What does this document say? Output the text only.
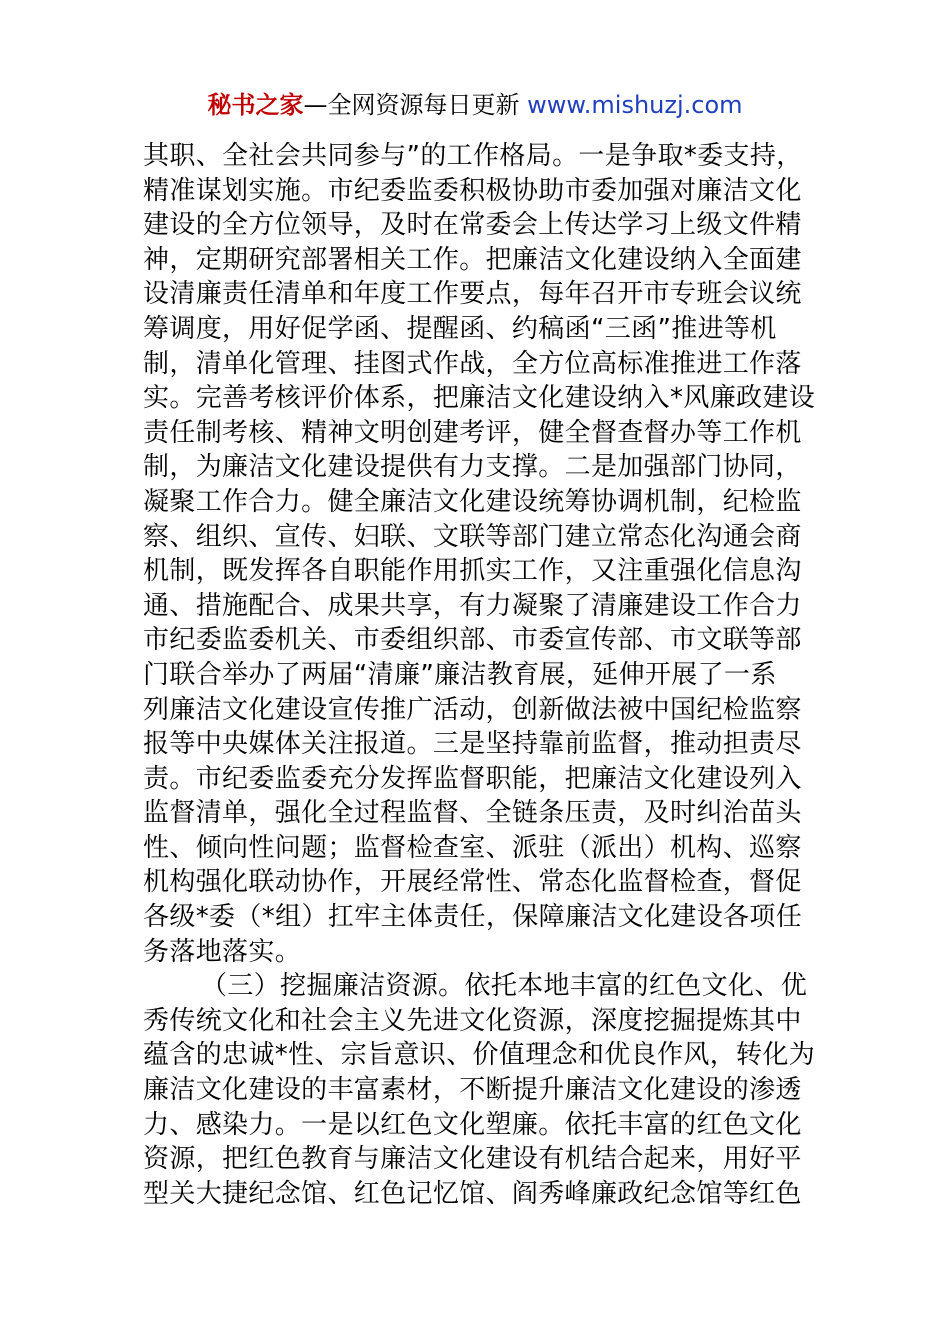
秘书之家—全网资源每日更新 www.mishuzj.com
其职、全社会共同参与”的工作格局。一是争取*委支持，
精准谋划实施。市纪委监委积极协助市委加强对廉洁文化
建设的全方位领导，及时在常委会上传达学习上级文件精
神，定期研究部署相关工作。把廉洁文化建设纳入全面建
设清廉责任清单和年度工作要点，每年召开市专班会议统
筹调度，用好促学函、提醒函、约稿函“三函”推进等机
制，清单化管理、挂图式作战，全方位高标准推进工作落
实。完善考核评价体系，把廉洁文化建设纳入*风廉政建设
责任制考核、精神文明创建考评，健全督查督办等工作机
制，为廉洁文化建设提供有力支撑。二是加强部门协同，
凝聚工作合力。健全廉洁文化建设统筹协调机制，纪检监
察、组织、宣传、妇联、文联等部门建立常态化沟通会商
机制，既发挥各自职能作用抓实工作，又注重强化信息沟
通、措施配合、成果共享，有力凝聚了清廉建设工作合力
市纪委监委机关、市委组织部、市委宣传部、市文联等部
门联合举办了两届“清廉”廉洁教育展，延伸开展了一系
列廉洁文化建设宣传推广活动，创新做法被中国纪检监察
报等中央媒体关注报道。三是坚持靠前监督，推动担责尽
责。市纪委监委充分发挥监督职能，把廉洁文化建设列入
监督清单，强化全过程监督、全链条压责，及时纠治苗头
性、倾向性问题；监督检查室、派驻（派出）机构、巡察
机构强化联动协作，开展经常性、常态化监督检查，督促
各级*委（*组）扛牢主体责任，保障廉洁文化建设各项任
务落地落实。
（三）挖掘廉洁资源。依托本地丰富的红色文化、优
秀传统文化和社会主义先进文化资源，深度挖掘提炼其中
蕴含的忠诚*性、宗旨意识、价值理念和优良作风，转化为
廉洁文化建设的丰富素材，不断提升廉洁文化建设的渗透
力、感染力。一是以红色文化塑廉。依托丰富的红色文化
资源，把红色教育与廉洁文化建设有机结合起来，用好平
型关大捷纪念馆、红色记忆馆、阎秀峰廉政纪念馆等红色
